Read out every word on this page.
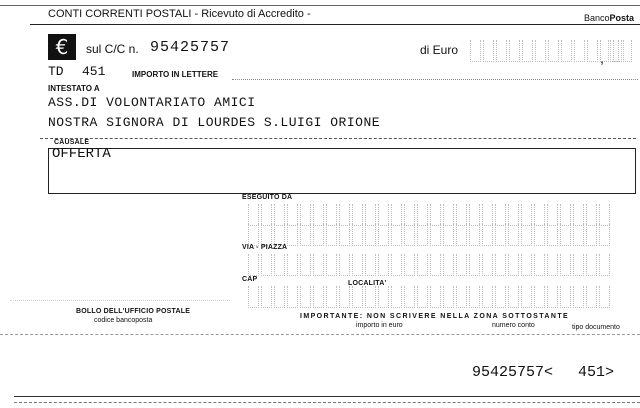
CONTI CORRENTI POSTALI - Ricevuto di Accredito -	BancoPosta
€	sul C/C n. 95425757	di Euro	,
TD 451	IMPORTO IN LETTERE
INTESTATO A
ASS.DI VOLONTARIATO AMICI
NOSTRA SIGNORA DI LOURDES S.LUIGI ORIONE
CAUSALE
OFFERTA
ESEGUITO DA
VIA - PIAZZA
CAP
LOCALITA'
BOLLO DELL'UFFICIO POSTALE
codice bancoposta
IMPORTANTE: NON SCRIVERE NELLA ZONA SOTTOSTANTE
importo in euro	numero conto	tipo documento
95425757< 451>
